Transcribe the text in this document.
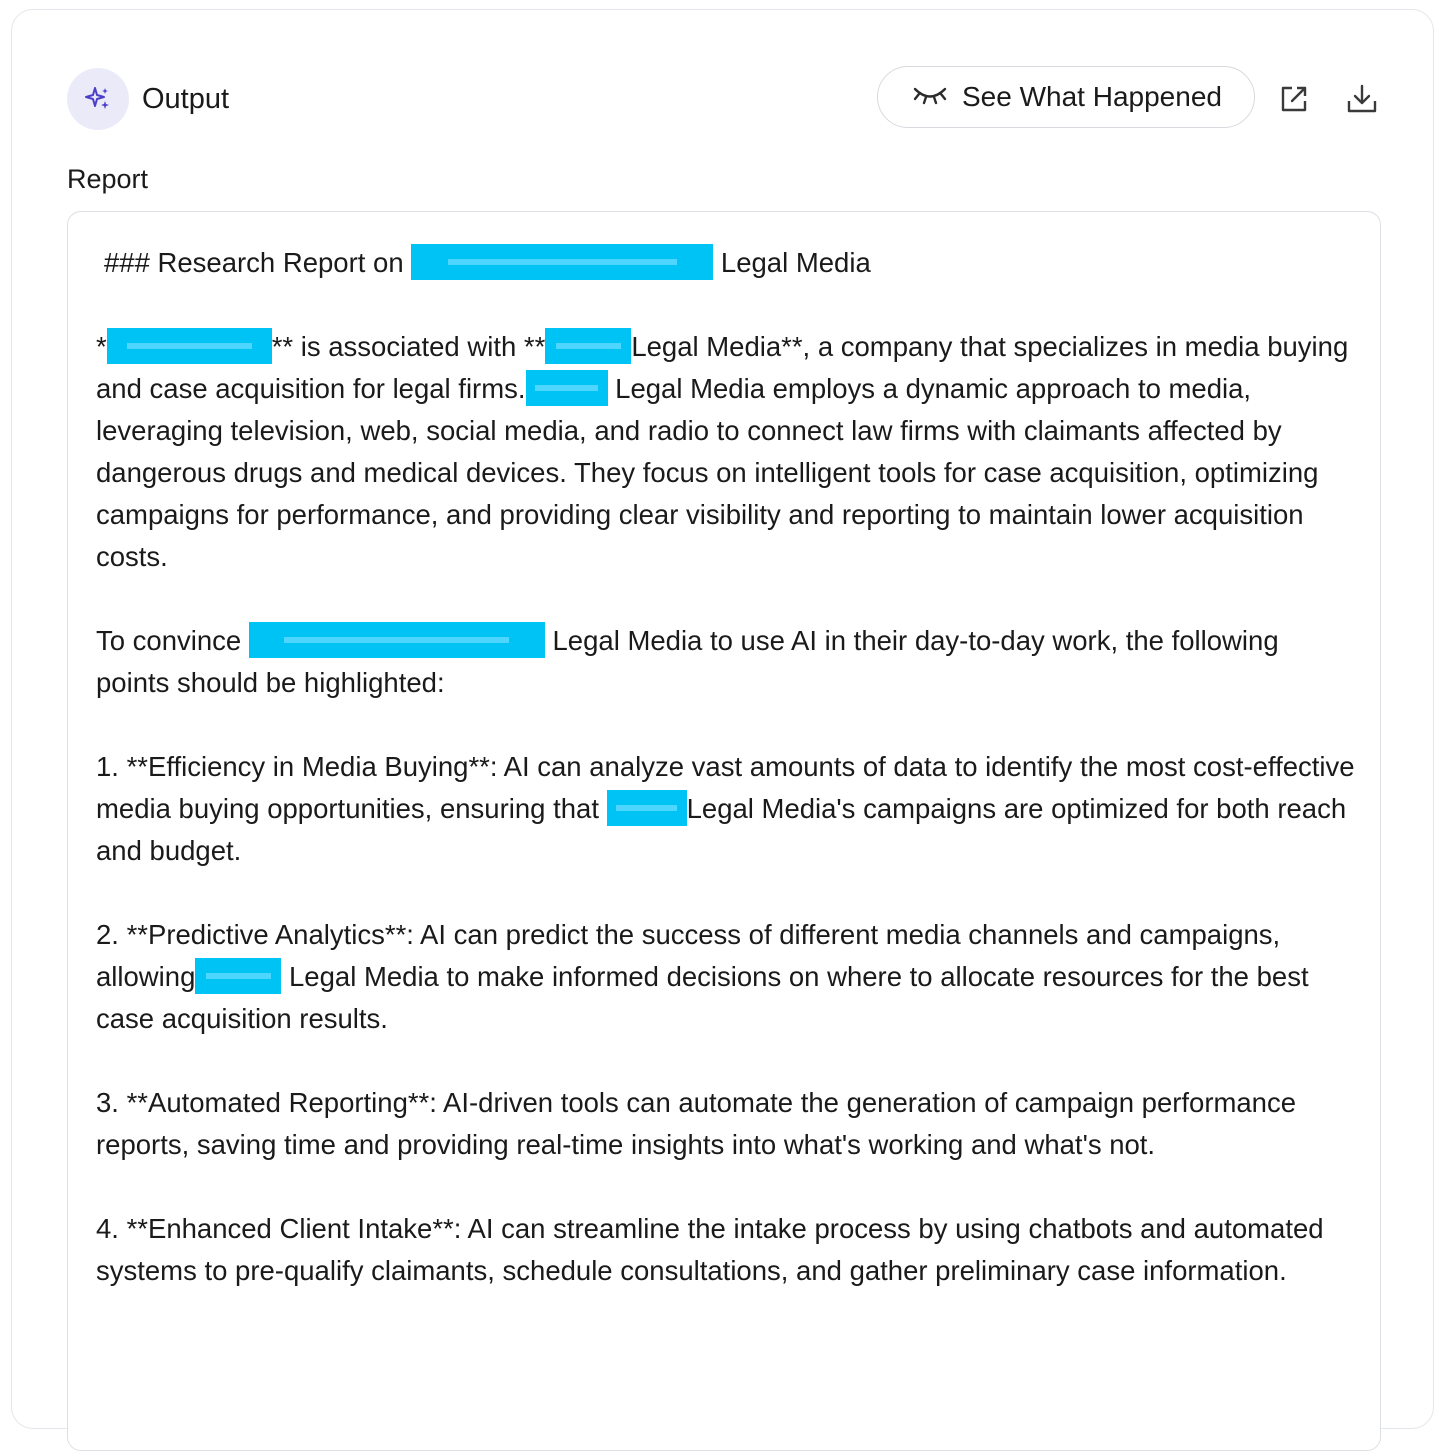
Output	See What Happened
Report

### Research Report on	Legal Media

*	** is associated with **	Legal Media**, a company that specializes in media buying and case acquisition for legal firms.	Legal Media employs a dynamic approach to media, leveraging television, web, social media, and radio to connect law firms with claimants affected by dangerous drugs and medical devices. They focus on intelligent tools for case acquisition, optimizing campaigns for performance, and providing clear visibility and reporting to maintain lower acquisition costs.

To convince	Legal Media to use AI in their day-to-day work, the following points should be highlighted:

1. **Efficiency in Media Buying**: AI can analyze vast amounts of data to identify the most cost-effective media buying opportunities, ensuring that	Legal Media's campaigns are optimized for both reach and budget.

2. **Predictive Analytics**: AI can predict the success of different media channels and campaigns, allowing	Legal Media to make informed decisions on where to allocate resources for the best case acquisition results.

3. **Automated Reporting**: AI-driven tools can automate the generation of campaign performance reports, saving time and providing real-time insights into what's working and what's not.

4. **Enhanced Client Intake**: AI can streamline the intake process by using chatbots and automated systems to pre-qualify claimants, schedule consultations, and gather preliminary case information.
